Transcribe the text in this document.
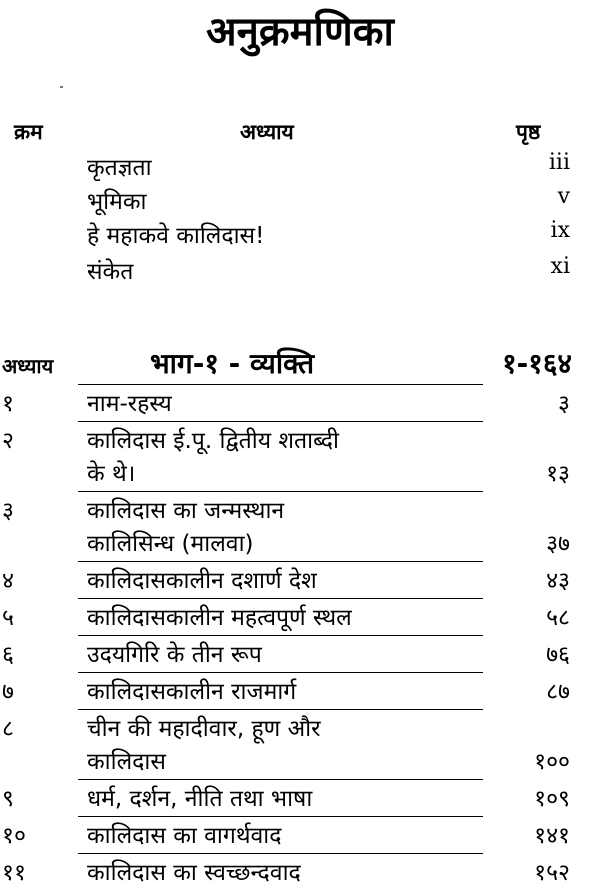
अनुक्रमणिका
क्रम	अध्याय	पृष्ठ
कृतज्ञता	iii
भूमिका	v
हे महाकवे कालिदास!	ix
संकेत	xi
अध्याय	भाग-१ - व्यक्ति	१-१६४
१	नाम-रहस्य	३
२	कालिदास ई.पू. द्वितीय शताब्दी
के थे।	१३
३	कालिदास का जन्मस्थान
कालिसिन्ध (मालवा)	३७
४	कालिदासकालीन दशार्ण देश	४३
५	कालिदासकालीन महत्वपूर्ण स्थल	५८
६	उदयगिरि के तीन रूप	७६
७	कालिदासकालीन राजमार्ग	८७
८	चीन की महादीवार, हूण और
कालिदास	१००
९	धर्म, दर्शन, नीति तथा भाषा	१०९
१०	कालिदास का वागर्थवाद	१४१
११	कालिदास का स्वच्छन्दवाद	१५२
